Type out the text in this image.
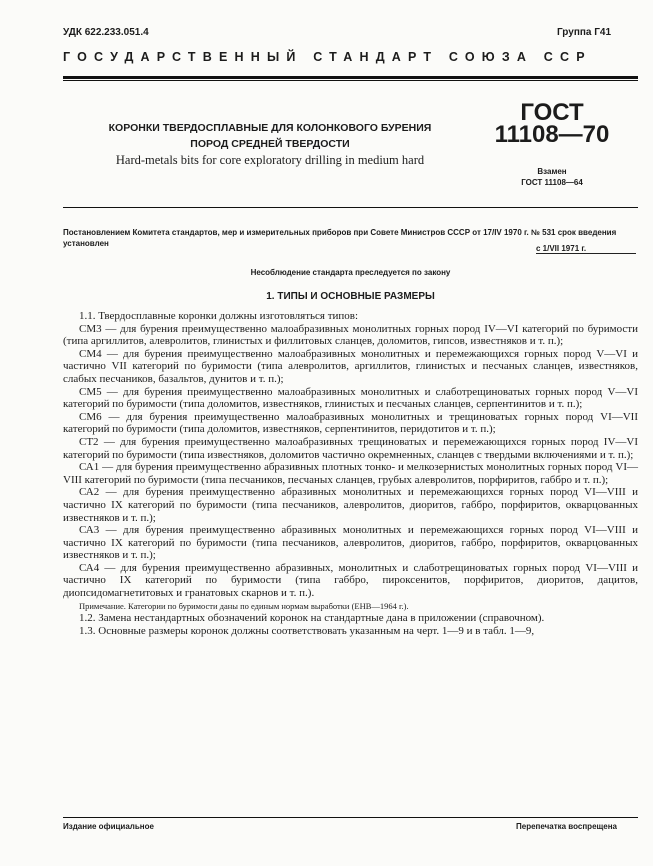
УДК 622.233.051.4	Группа Г41
ГОСУДАРСТВЕННЫЙ СТАНДАРТ СОЮЗА ССР
КОРОНКИ ТВЕРДОСПЛАВНЫЕ ДЛЯ КОЛОНКОВОГО БУРЕНИЯ
ПОРОД СРЕДНЕЙ ТВЕРДОСТИ
Hard-metals bits for core exploratory drilling in medium hard
ГОСТ
11108—70
Взамен
ГОСТ 11108—64
Постановлением Комитета стандартов, мер и измерительных приборов при Совете Министров СССР от 17/IV 1970 г. № 531 срок введения установлен
с 1/VII 1971 г.
Несоблюдение стандарта преследуется по закону
1. ТИПЫ И ОСНОВНЫЕ РАЗМЕРЫ

1.1. Твердосплавные коронки должны изготовляться типов:

СМ3 — для бурения преимущественно малоабразивных монолитных горных пород IV—VI категорий по буримости (типа аргиллитов, алевролитов, глинистых и филлитовых сланцев, доломитов, гипсов, известняков и т. п.);

СМ4 — для бурения преимущественно малоабразивных монолитных и перемежающихся горных пород V—VI и частично VII категорий по буримости (типа алевролитов, аргиллитов, глинистых и песчаных сланцев, известняков, слабых песчаников, базальтов, дунитов и т. п.);

СМ5 — для бурения преимущественно малоабразивных монолитных и слаботрещиноватых горных пород V—VI категорий по буримости (типа доломитов, известняков, глинистых и песчаных сланцев, серпентинитов и т. п.);

СМ6 — для бурения преимущественно малоабразивных монолитных и трещиноватых горных пород VI—VII категорий по буримости (типа доломитов, известняков, серпентинитов, перидотитов и т. п.);

СТ2 — для бурения преимущественно малоабразивных трещиноватых и перемежающихся горных пород IV—VI категорий по буримости (типа известняков, доломитов частично окремненных, сланцев с твердыми включениями и т. п.);

СА1 — для бурения преимущественно абразивных плотных тонко- и мелкозернистых монолитных горных пород VI—VIII категорий по буримости (типа песчаников, песчаных сланцев, грубых алевролитов, порфиритов, габбро и т. п.);

СА2 — для бурения преимущественно абразивных монолитных и перемежающихся горных пород VI—VIII и частично IX категорий по буримости (типа песчаников, алевролитов, диоритов, габбро, порфиритов, окварцованных известняков и т. п.);

СА3 — для бурения преимущественно абразивных монолитных и перемежающихся горных пород VI—VIII и частично IX категорий по буримости (типа песчаников, алевролитов, диоритов, габбро, порфиритов, окварцованных известняков и т. п.);

СА4 — для бурения преимущественно абразивных, монолитных и слаботрещиноватых горных пород VI—VIII и частично IX категорий по буримости (типа габбро, пироксенитов, порфиритов, диоритов, дацитов, диопсидомагнетитовых и гранатовых скарнов и т. п.).

Примечание. Категории по буримости даны по единым нормам выработки (ЕНВ—1964 г.).

1.2. Замена нестандартных обозначений коронок на стандартные дана в приложении (справочном).

1.3. Основные размеры коронок должны соответствовать указанным на черт. 1—9 и в табл. 1—9,

Издание официальное	Перепечатка воспрещена
